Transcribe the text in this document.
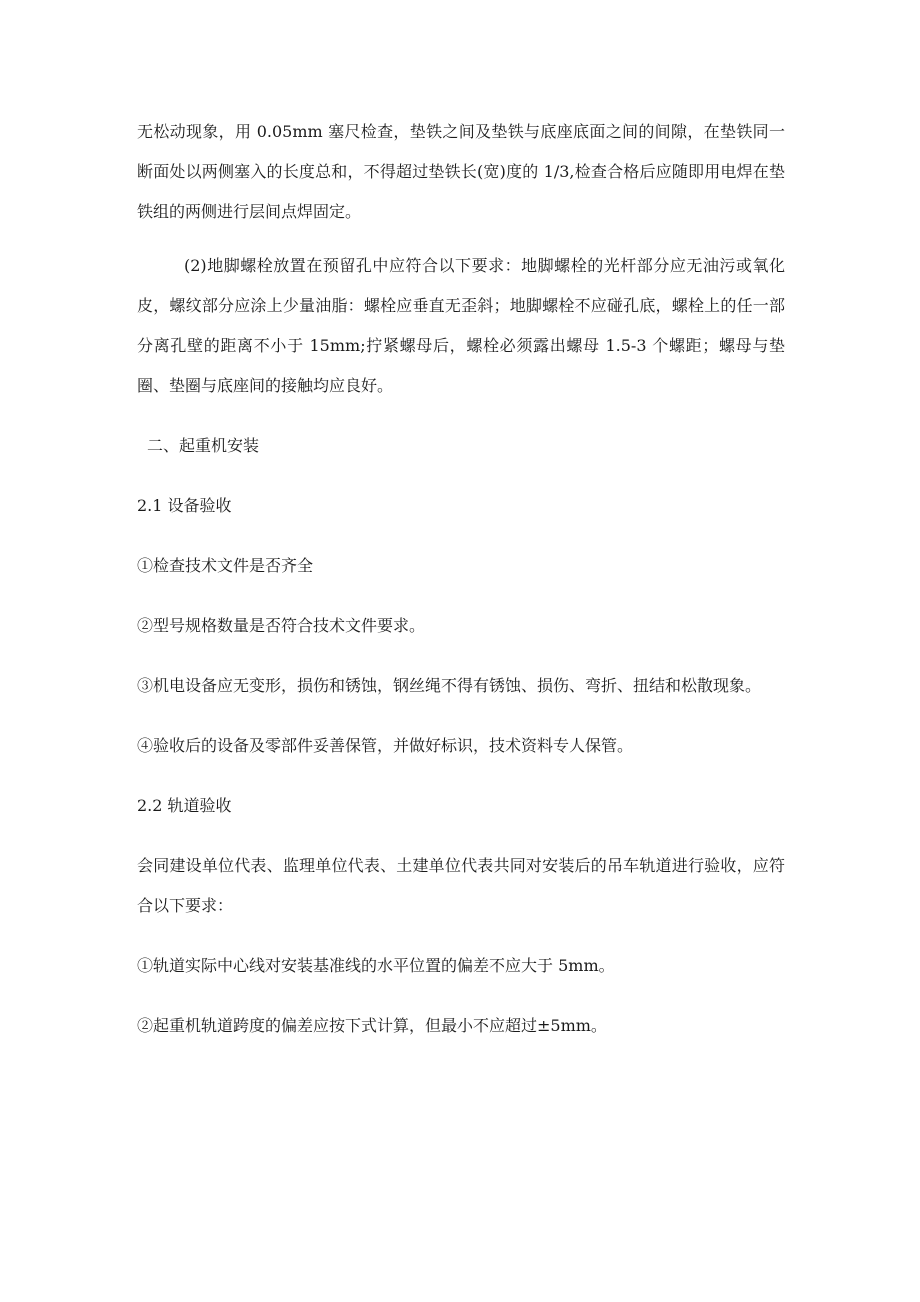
无松动现象，用 0.05mm 塞尺检查，垫铁之间及垫铁与底座底面之间的间隙，在垫铁同一断面处以两侧塞入的长度总和，不得超过垫铁长(宽)度的 1/3,检查合格后应随即用电焊在垫铁组的两侧进行层间点焊固定。

(2)地脚螺栓放置在预留孔中应符合以下要求：地脚螺栓的光杆部分应无油污或氧化皮，螺纹部分应涂上少量油脂：螺栓应垂直无歪斜；地脚螺栓不应碰孔底，螺栓上的任一部分离孔壁的距离不小于 15mm;拧紧螺母后，螺栓必须露出螺母 1.5-3 个螺距；螺母与垫圈、垫圈与底座间的接触均应良好。

二、起重机安装

2.1 设备验收

①检查技术文件是否齐全

②型号规格数量是否符合技术文件要求。

③机电设备应无变形，损伤和锈蚀，钢丝绳不得有锈蚀、损伤、弯折、扭结和松散现象。

④验收后的设备及零部件妥善保管，并做好标识，技术资料专人保管。

2.2 轨道验收

会同建设单位代表、监理单位代表、土建单位代表共同对安装后的吊车轨道进行验收，应符合以下要求：

①轨道实际中心线对安装基准线的水平位置的偏差不应大于 5mm。

②起重机轨道跨度的偏差应按下式计算，但最小不应超过±5mm。
